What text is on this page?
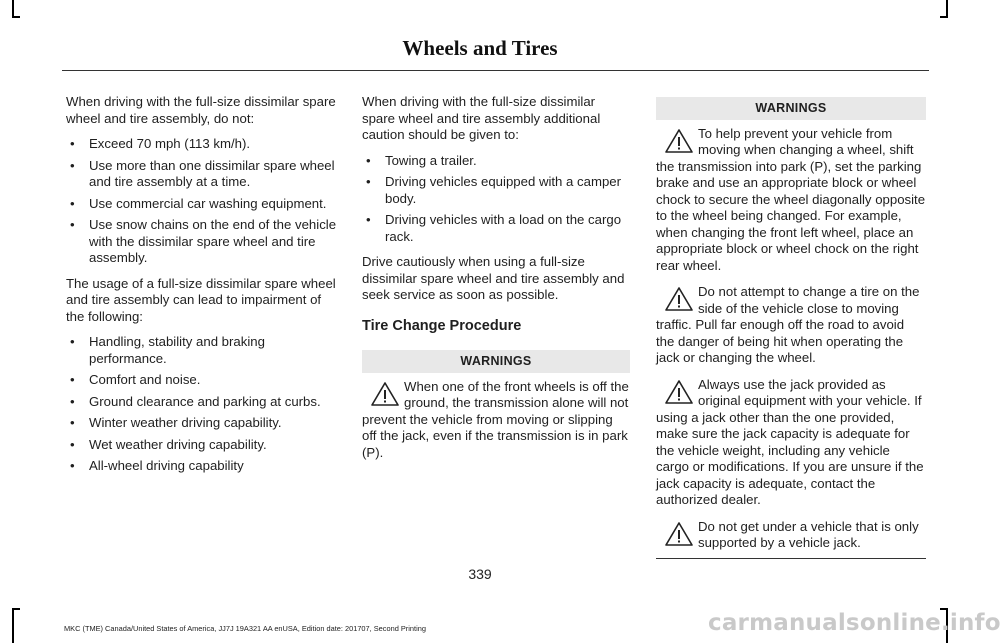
Wheels and Tires

When driving with the full-size dissimilar spare wheel and tire assembly, do not:

• Exceed 70 mph (113 km/h).
• Use more than one dissimilar spare wheel and tire assembly at a time.
• Use commercial car washing equipment.
• Use snow chains on the end of the vehicle with the dissimilar spare wheel and tire assembly.

The usage of a full-size dissimilar spare wheel and tire assembly can lead to impairment of the following:

• Handling, stability and braking performance.
• Comfort and noise.
• Ground clearance and parking at curbs.
• Winter weather driving capability.
• Wet weather driving capability.
• All-wheel driving capability

When driving with the full-size dissimilar spare wheel and tire assembly additional caution should be given to:

• Towing a trailer.
• Driving vehicles equipped with a camper body.
• Driving vehicles with a load on the cargo rack.

Drive cautiously when using a full-size dissimilar spare wheel and tire assembly and seek service as soon as possible.

Tire Change Procedure
WARNINGS
When one of the front wheels is off the ground, the transmission alone will not prevent the vehicle from moving or slipping off the jack, even if the transmission is in park (P).
WARNINGS
To help prevent your vehicle from moving when changing a wheel, shift the transmission into park (P), set the parking brake and use an appropriate block or wheel chock to secure the wheel diagonally opposite to the wheel being changed. For example, when changing the front left wheel, place an appropriate block or wheel chock on the right rear wheel.
Do not attempt to change a tire on the side of the vehicle close to moving traffic. Pull far enough off the road to avoid the danger of being hit when operating the jack or changing the wheel.
Always use the jack provided as original equipment with your vehicle. If using a jack other than the one provided, make sure the jack capacity is adequate for the vehicle weight, including any vehicle cargo or modifications. If you are unsure if the jack capacity is adequate, contact the authorized dealer.
Do not get under a vehicle that is only supported by a vehicle jack.
339
MKC (TME) Canada/United States of America, JJ7J 19A321 AA enUSA, Edition date: 201707, Second Printing	carmanualsonline.info
